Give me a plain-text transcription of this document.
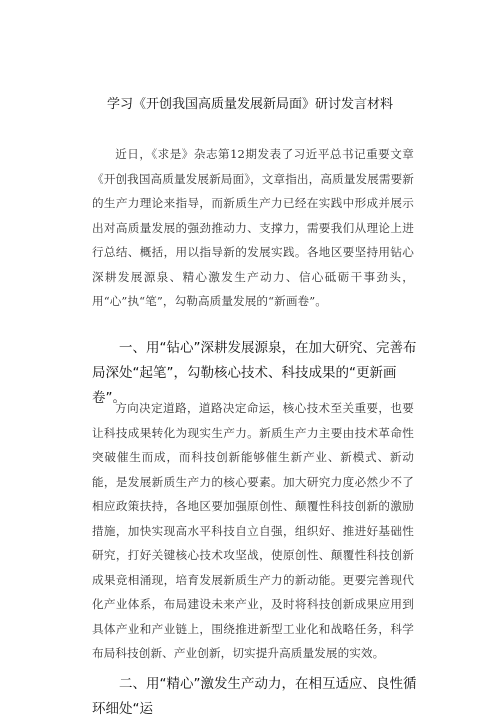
学习《开创我国高质量发展新局面》研讨发言材料

近日，《求是》杂志第12期发表了习近平总书记重要文章《开创我国高质量发展新局面》，文章指出，高质量发展需要新的生产力理论来指导，而新质生产力已经在实践中形成并展示出对高质量发展的强劲推动力、支撑力，需要我们从理论上进行总结、概括，用以指导新的发展实践。各地区要坚持用钻心深耕发展源泉、精心激发生产动力、信心砥砺干事劲头，用“心”执“笔”，勾勒高质量发展的“新画卷”。

一、用“钻心”深耕发展源泉，在加大研究、完善布局深处“起笔”，勾勒核心技术、科技成果的“更新画卷”。

方向决定道路，道路决定命运，核心技术至关重要，也要让科技成果转化为现实生产力。新质生产力主要由技术革命性突破催生而成，而科技创新能够催生新产业、新模式、新动能，是发展新质生产力的核心要素。加大研究力度必然少不了相应政策扶持，各地区要加强原创性、颠覆性科技创新的激励措施，加快实现高水平科技自立自强，组织好、推进好基础性研究，打好关键核心技术攻坚战，使原创性、颠覆性科技创新成果竞相涌现，培育发展新质生产力的新动能。更要完善现代化产业体系，布局建设未来产业，及时将科技创新成果应用到具体产业和产业链上，围绕推进新型工业化和战略任务，科学布局科技创新、产业创新，切实提升高质量发展的实效。

二、用“精心”激发生产动力，在相互适应、良性循环细处“运
